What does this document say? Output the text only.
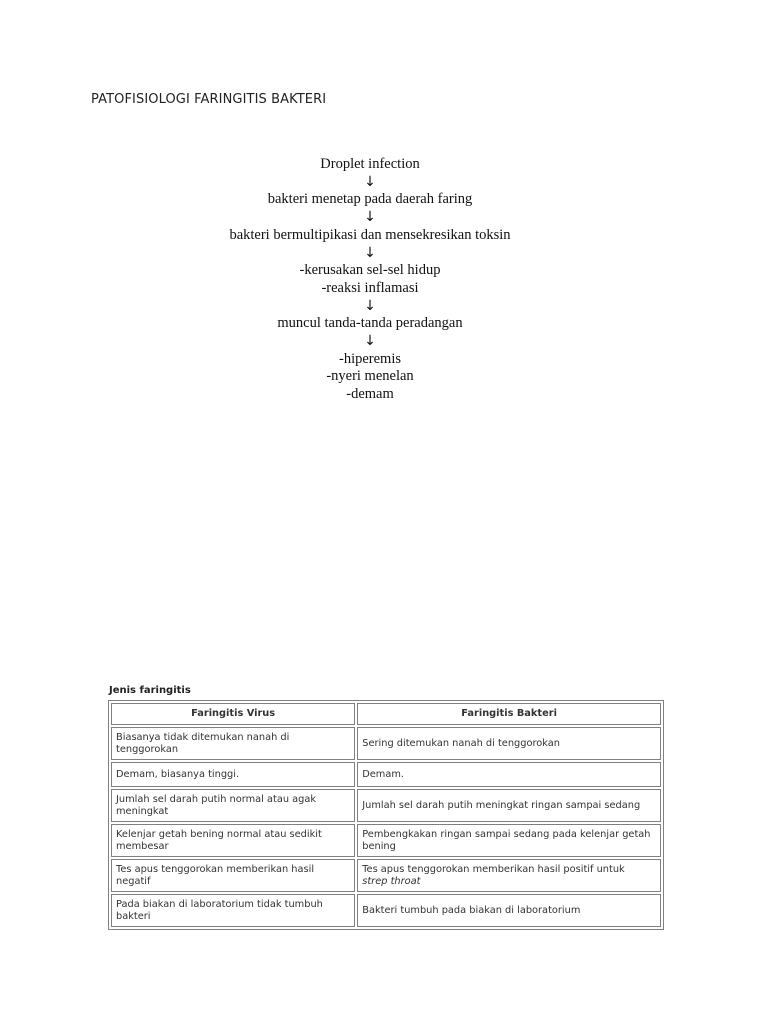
PATOFISIOLOGI FARINGITIS BAKTERI
Droplet infection
↓
bakteri menetap pada daerah faring
↓
bakteri bermultipikasi dan mensekresikan toksin
↓
-kerusakan sel-sel hidup
-reaksi inflamasi
↓
muncul tanda-tanda peradangan
↓
-hiperemis
-nyeri menelan
-demam
Jenis faringitis
Faringitis Virus	Faringitis Bakteri
Biasanya tidak ditemukan nanah di tenggorokan	Sering ditemukan nanah di tenggorokan
Demam, biasanya tinggi.	Demam.
Jumlah sel darah putih normal atau agak meningkat	Jumlah sel darah putih meningkat ringan sampai sedang
Kelenjar getah bening normal atau sedikit membesar	Pembengkakan ringan sampai sedang pada kelenjar getah bening
Tes apus tenggorokan memberikan hasil negatif	Tes apus tenggorokan memberikan hasil positif untuk
strep throat
Pada biakan di laboratorium tidak tumbuh bakteri	Bakteri tumbuh pada biakan di laboratorium
